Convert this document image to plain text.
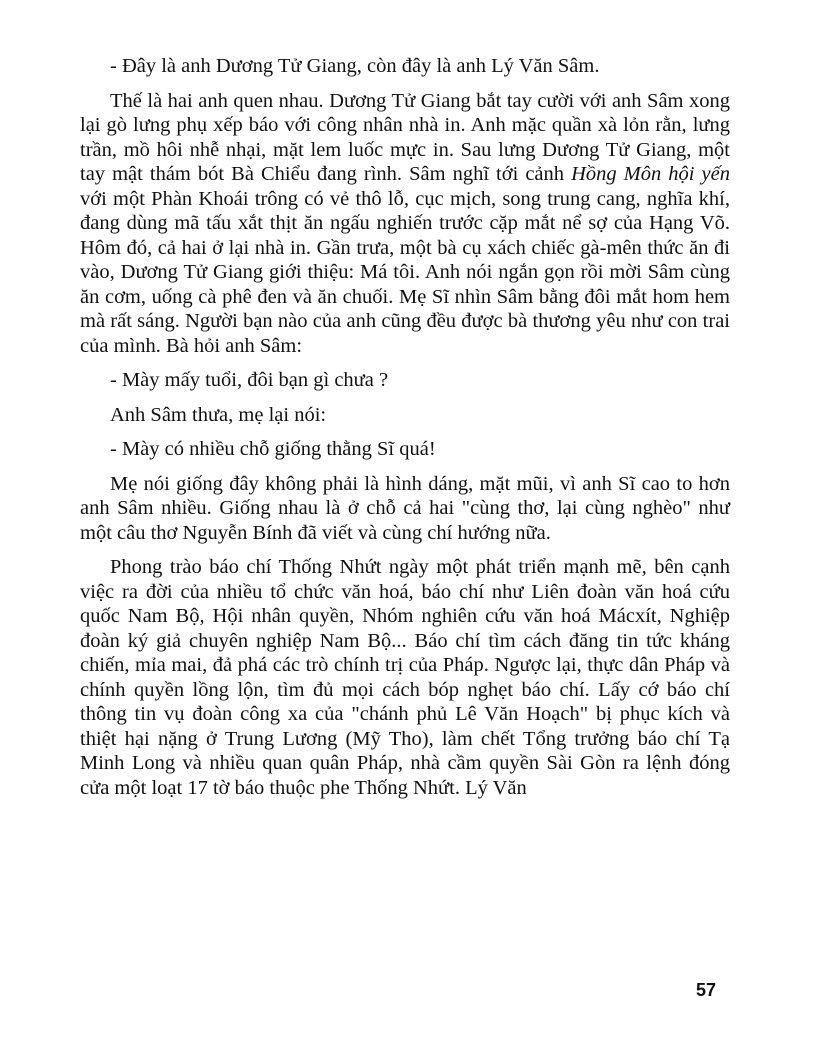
- Đây là anh Dương Tử Giang, còn đây là anh Lý Văn Sâm.

Thế là hai anh quen nhau. Dương Tử Giang bắt tay cười với anh Sâm xong lại gò lưng phụ xếp báo với công nhân nhà in. Anh mặc quần xà lỏn rằn, lưng trần, mồ hôi nhễ nhại, mặt lem luốc mực in. Sau lưng Dương Tử Giang, một tay mật thám bót Bà Chiểu đang rình. Sâm nghĩ tới cảnh Hồng Môn hội yến với một Phàn Khoái trông có vẻ thô lỗ, cục mịch, song trung cang, nghĩa khí, đang dùng mã tấu xắt thịt ăn ngấu nghiến trước cặp mắt nể sợ của Hạng Võ. Hôm đó, cả hai ở lại nhà in. Gần trưa, một bà cụ xách chiếc gà-mên thức ăn đi vào, Dương Tử Giang giới thiệu: Má tôi. Anh nói ngắn gọn rồi mời Sâm cùng ăn cơm, uống cà phê đen và ăn chuối. Mẹ Sĩ nhìn Sâm bằng đôi mắt hom hem mà rất sáng. Người bạn nào của anh cũng đều được bà thương yêu như con trai của mình. Bà hỏi anh Sâm:

- Mày mấy tuổi, đôi bạn gì chưa ?

Anh Sâm thưa, mẹ lại nói:

- Mày có nhiều chỗ giống thằng Sĩ quá!

Mẹ nói giống đây không phải là hình dáng, mặt mũi, vì anh Sĩ cao to hơn anh Sâm nhiều. Giống nhau là ở chỗ cả hai "cùng thơ, lại cùng nghèo" như một câu thơ Nguyễn Bính đã viết và cùng chí hướng nữa.

Phong trào báo chí Thống Nhứt ngày một phát triển mạnh mẽ, bên cạnh việc ra đời của nhiều tổ chức văn hoá, báo chí như Liên đoàn văn hoá cứu quốc Nam Bộ, Hội nhân quyền, Nhóm nghiên cứu văn hoá Mácxít, Nghiệp đoàn ký giả chuyên nghiệp Nam Bộ... Báo chí tìm cách đăng tin tức kháng chiến, mỉa mai, đả phá các trò chính trị của Pháp. Ngược lại, thực dân Pháp và chính quyền lồng lộn, tìm đủ mọi cách bóp nghẹt báo chí. Lấy cớ báo chí thông tin vụ đoàn công xa của "chánh phủ Lê Văn Hoạch" bị phục kích và thiệt hại nặng ở Trung Lương (Mỹ Tho), làm chết Tổng trưởng báo chí Tạ Minh Long và nhiều quan quân Pháp, nhà cầm quyền Sài Gòn ra lệnh đóng cửa một loạt 17 tờ báo thuộc phe Thống Nhứt. Lý Văn

57
